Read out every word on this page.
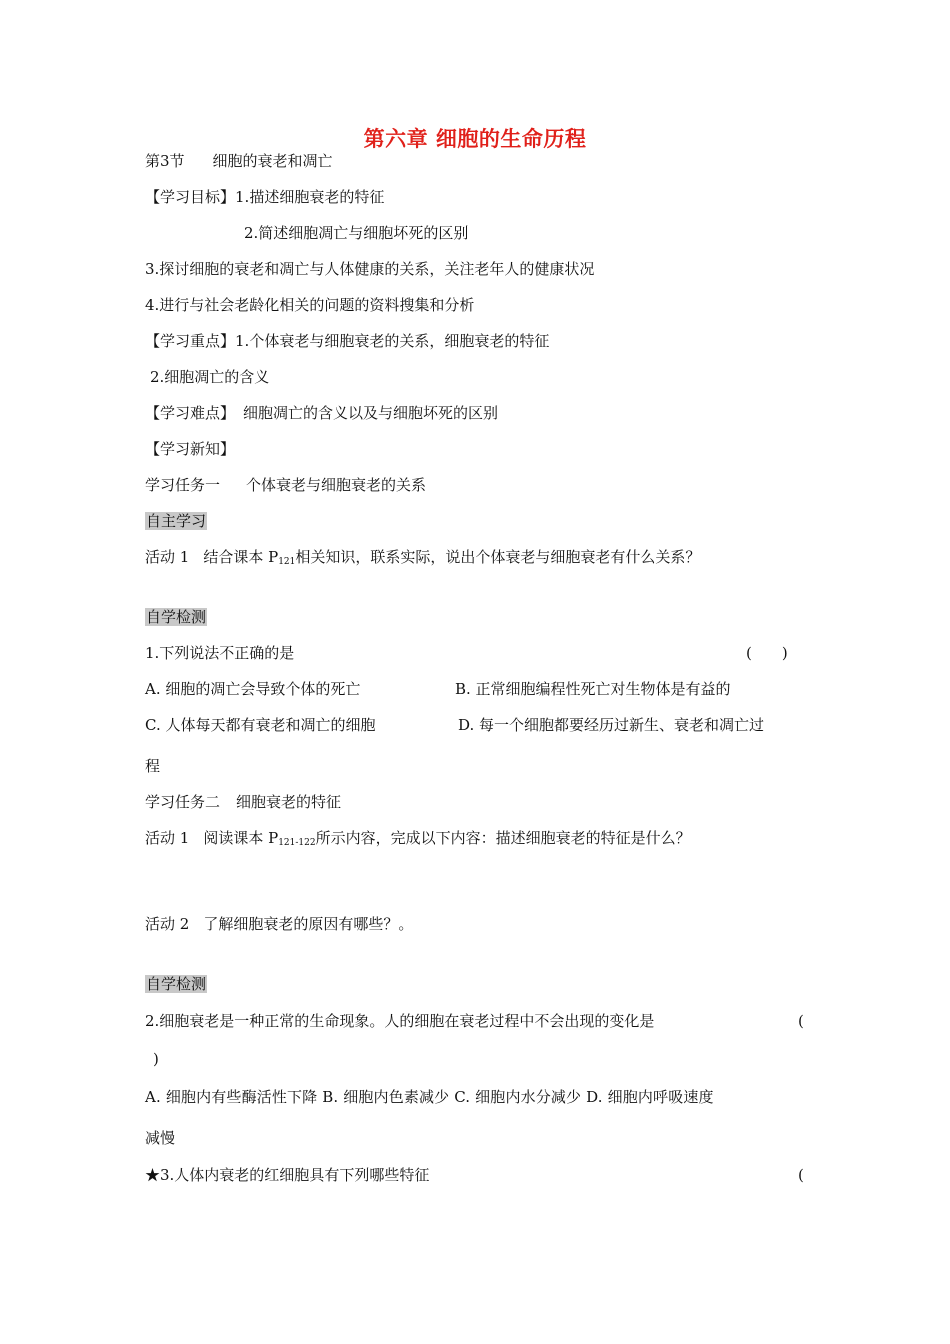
第六章 细胞的生命历程
第3节 细胞的衰老和凋亡
【学习目标】1.描述细胞衰老的特征
2.简述细胞凋亡与细胞坏死的区别
3.探讨细胞的衰老和凋亡与人体健康的关系，关注老年人的健康状况
4.进行与社会老龄化相关的问题的资料搜集和分析
【学习重点】1.个体衰老与细胞衰老的关系，细胞衰老的特征
2.细胞凋亡的含义
【学习难点】 细胞凋亡的含义以及与细胞坏死的区别
【学习新知】
学习任务一 个体衰老与细胞衰老的关系
自主学习
活动 1 结合课本 $P_{121}$相关知识，联系实际，说出个体衰老与细胞衰老有什么关系？
自学检测
1.下列说法不正确的是	(　　)
A. 细胞的凋亡会导致个体的死亡	B. 正常细胞编程性死亡对生物体是有益的
C. 人体每天都有衰老和凋亡的细胞	D. 每一个细胞都要经历过新生、衰老和凋亡过
程
学习任务二 细胞衰老的特征
活动 1 阅读课本 $P_{121-122}$所示内容，完成以下内容：描述细胞衰老的特征是什么？
活动 2 了解细胞衰老的原因有哪些？。
自学检测
2.细胞衰老是一种正常的生命现象。人的细胞在衰老过程中不会出现的变化是	(
)
A. 细胞内有些酶活性下降 B. 细胞内色素减少 C. 细胞内水分减少 D. 细胞内呼吸速度
减慢
★3.人体内衰老的红细胞具有下列哪些特征	(
